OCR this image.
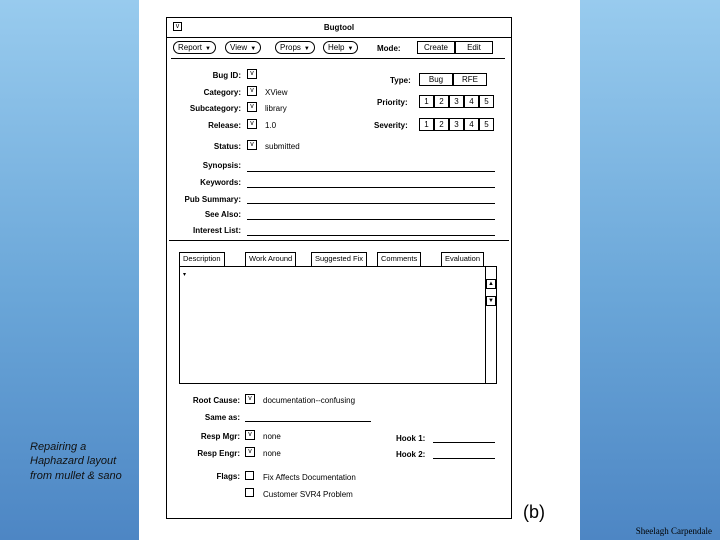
Repairing a Haphazard layout from mullet & sano
(b)
Sheelagh Carpendale
v	Bugtool
Report ▼	View ▼	Props ▼	Help ▼	Mode:	Create	Edit
Bug ID:	v
Category:	v	XView
Subcategory:	v	library
Release:	v	1.0
Status:	v	submitted
Synopsis:
Keywords:
Pub Summary:
See Also:
Interest List:
Type:	Bug	RFE
Priority:	1	2	3	4	5
Severity:	1	2	3	4	5
Description	Work Around	Suggested Fix	Comments	Evaluation
▾
▲
▼
Root Cause:	v	documentation--confusing
Same as:
Resp Mgr:	v	none
Resp Engr:	v	none
Hook 1:
Hook 2:
Flags:	Fix Affects Documentation
Customer SVR4 Problem
